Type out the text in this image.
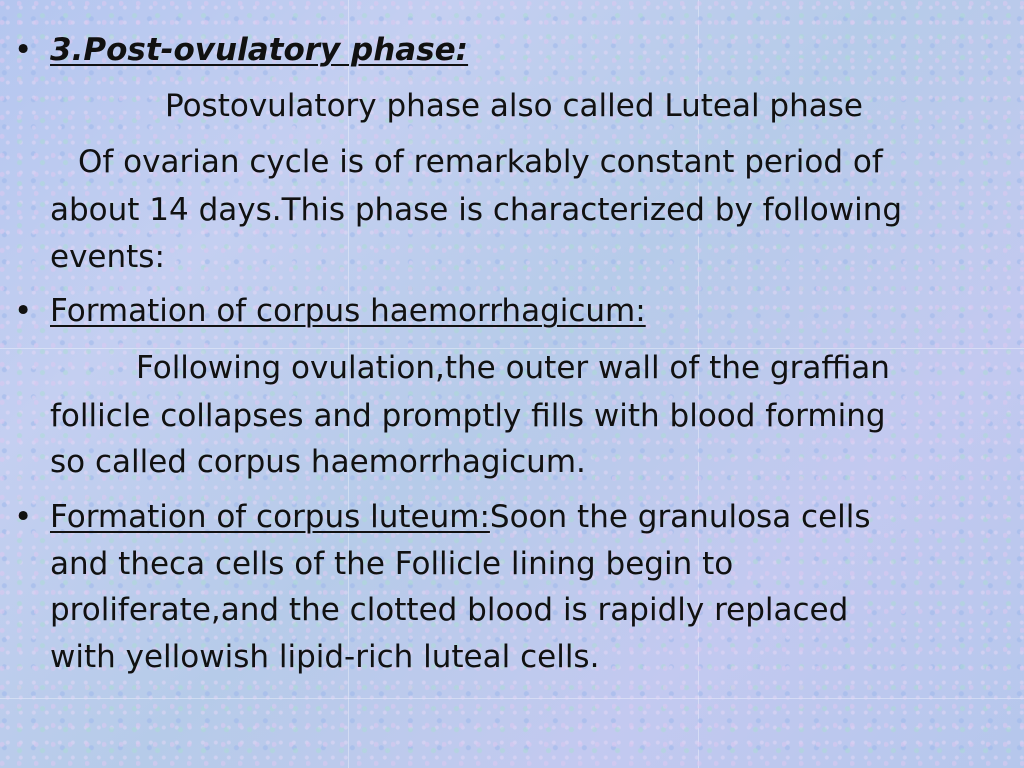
• 3.Post-ovulatory phase:

Postovulatory phase also called Luteal phase

Of ovarian cycle is of remarkably constant period of

about 14 days.This phase is characterized by following

events:

• Formation of corpus haemorrhagicum:

Following ovulation,the outer wall of the graffian

follicle collapses and promptly fills with blood forming

so called corpus haemorrhagicum.

• Formation of corpus luteum:Soon the granulosa cells

and theca cells of the Follicle lining begin to

proliferate,and the clotted blood is rapidly replaced

with yellowish lipid-rich luteal cells.
